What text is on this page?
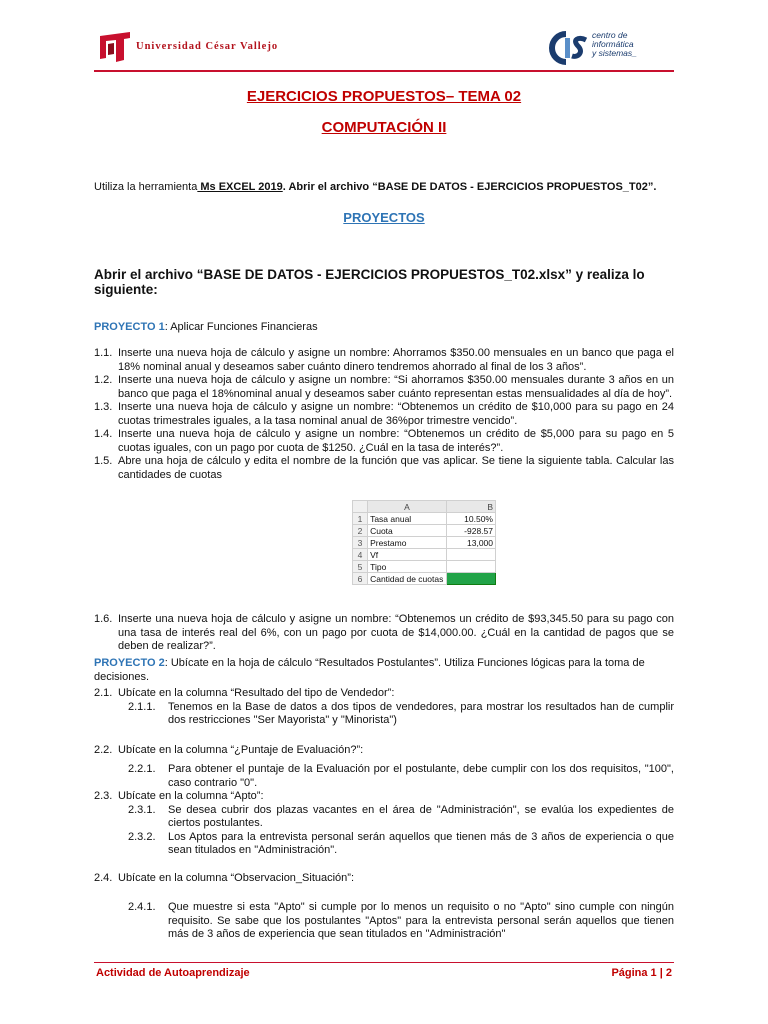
Universidad César Vallejo
centro de
informática
y sistemas_
EJERCICIOS PROPUESTOS– TEMA 02
COMPUTACIÓN II
Utiliza la herramienta Ms EXCEL 2019. Abrir el archivo “BASE DE DATOS - EJERCICIOS PROPUESTOS_T02”.
PROYECTOS
Abrir el archivo “BASE DE DATOS - EJERCICIOS PROPUESTOS_T02.xlsx” y realiza lo siguiente:
PROYECTO 1: Aplicar Funciones Financieras
1.1. Inserte una nueva hoja de cálculo y asigne un nombre: Ahorramos $350.00 mensuales en un banco que paga el 18% nominal anual y deseamos saber cuánto dinero tendremos ahorrado al final de los 3 años”.
1.2. Inserte una nueva hoja de cálculo y asigne un nombre: “Si ahorramos $350.00 mensuales durante 3 años en un banco que paga el 18%nominal anual y deseamos saber cuánto representan estas mensualidades al día de hoy”.
1.3. Inserte una nueva hoja de cálculo y asigne un nombre: “Obtenemos un crédito de $10,000 para su pago en 24 cuotas trimestrales iguales, a la tasa nominal anual de 36%por trimestre vencido”.
1.4. Inserte una nueva hoja de cálculo y asigne un nombre: “Obtenemos un crédito de $5,000 para su pago en 5 cuotas iguales, con un pago por cuota de $1250. ¿Cuál en la tasa de interés?”.
1.5. Abre una hoja de cálculo y edita el nombre de la función que vas aplicar. Se tiene la siguiente tabla. Calcular las cantidades de cuotas
	A	B
1	Tasa anual	10.50%
2	Cuota	-928.57
3	Prestamo	13,000
4	Vf	
5	Tipo	
6	Cantidad de cuotas	
1.6. Inserte una nueva hoja de cálculo y asigne un nombre: “Obtenemos un crédito de $93,345.50 para su pago con una tasa de interés real del 6%, con un pago por cuota de $14,000.00. ¿Cuál en la cantidad de pagos que se deben de realizar?”.
PROYECTO 2: Ubícate en la hoja de cálculo “Resultados Postulantes”. Utiliza Funciones lógicas para la toma de decisiones.
2.1. Ubícate en la columna “Resultado del tipo de Vendedor”:
2.1.1. Tenemos en la Base de datos a dos tipos de vendedores, para mostrar los resultados han de cumplir dos restricciones "Ser Mayorista" y "Minorista")
2.2. Ubícate en la columna “¿Puntaje de Evaluación?”:
2.2.1. Para obtener el puntaje de la Evaluación por el postulante, debe cumplir con los dos requisitos, "100", caso contrario "0".
2.3. Ubícate en la columna “Apto”:
2.3.1. Se desea cubrir dos plazas vacantes en el área de "Administración", se evalúa los expedientes de ciertos postulantes.
2.3.2. Los Aptos para la entrevista personal serán aquellos que tienen más de 3 años de experiencia o que sean titulados en "Administración".
2.4. Ubícate en la columna “Observacion_Situación”:
2.4.1. Que muestre si esta "Apto" si cumple por lo menos un requisito o no "Apto" sino cumple con ningún requisito. Se sabe que los postulantes "Aptos" para la entrevista personal serán aquellos que tienen más de 3 años de experiencia que sean titulados en "Administración"
Actividad de Autoaprendizaje	Página 1 | 2
